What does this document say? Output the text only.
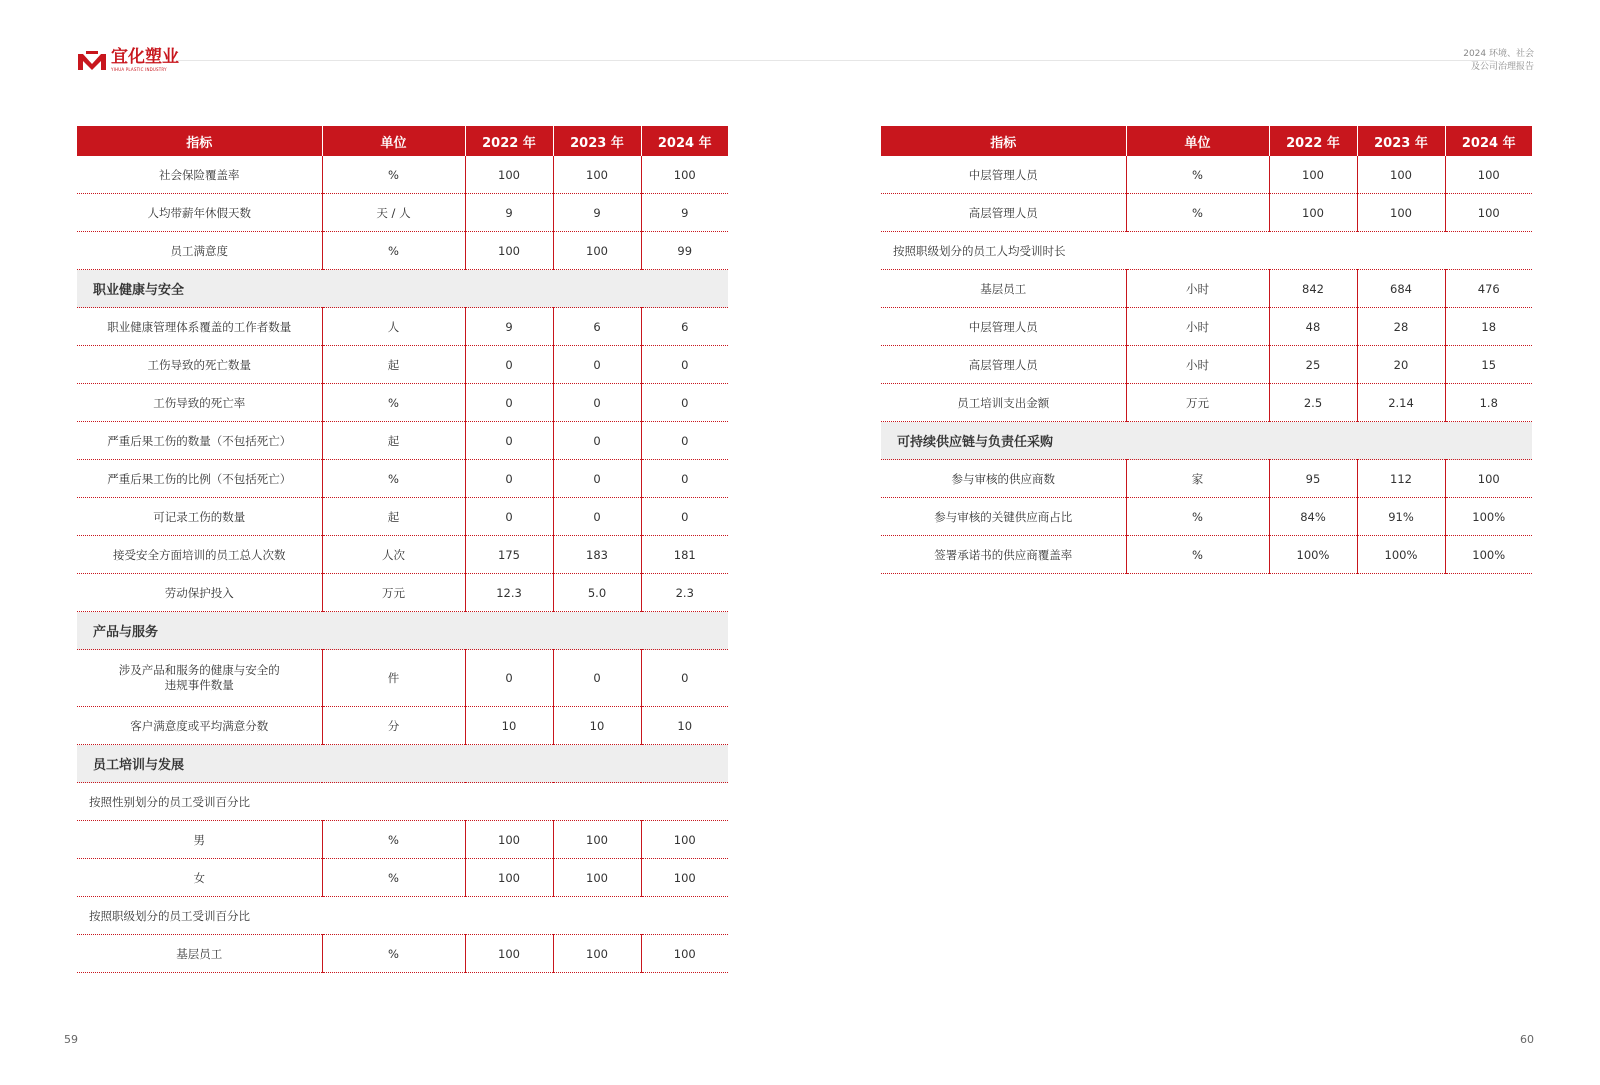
宜化塑业
YIHUA PLASTIC INDUSTRY
2024 环境、社会
及公司治理报告
指标	单位	2022 年	2023 年	2024 年
社会保险覆盖率	%	100	100	100
人均带薪年休假天数	天 / 人	9	9	9
员工满意度	%	100	100	99
职业健康与安全				
职业健康管理体系覆盖的工作者数量	人	9	6	6
工伤导致的死亡数量	起	0	0	0
工伤导致的死亡率	%	0	0	0
严重后果工伤的数量（不包括死亡）	起	0	0	0
严重后果工伤的比例（不包括死亡）	%	0	0	0
可记录工伤的数量	起	0	0	0
接受安全方面培训的员工总人次数	人次	175	183	181
劳动保护投入	万元	12.3	5.0	2.3
产品与服务				

涉及产品和服务的健康与安全的
违规事件数量	件	0	0	0
客户满意度或平均满意分数	分	10	10	10
员工培训与发展				
按照性别划分的员工受训百分比				
男	%	100	100	100
女	%	100	100	100
按照职级划分的员工受训百分比				
基层员工	%	100	100	100
指标	单位	2022 年	2023 年	2024 年
中层管理人员	%	100	100	100
高层管理人员	%	100	100	100
按照职级划分的员工人均受训时长				
基层员工	小时	842	684	476
中层管理人员	小时	48	28	18
高层管理人员	小时	25	20	15
员工培训支出金额	万元	2.5	2.14	1.8
可持续供应链与负责任采购				
参与审核的供应商数	家	95	112	100
参与审核的关键供应商占比	%	84%	91%	100%
签署承诺书的供应商覆盖率	%	100%	100%	100%
59	60
